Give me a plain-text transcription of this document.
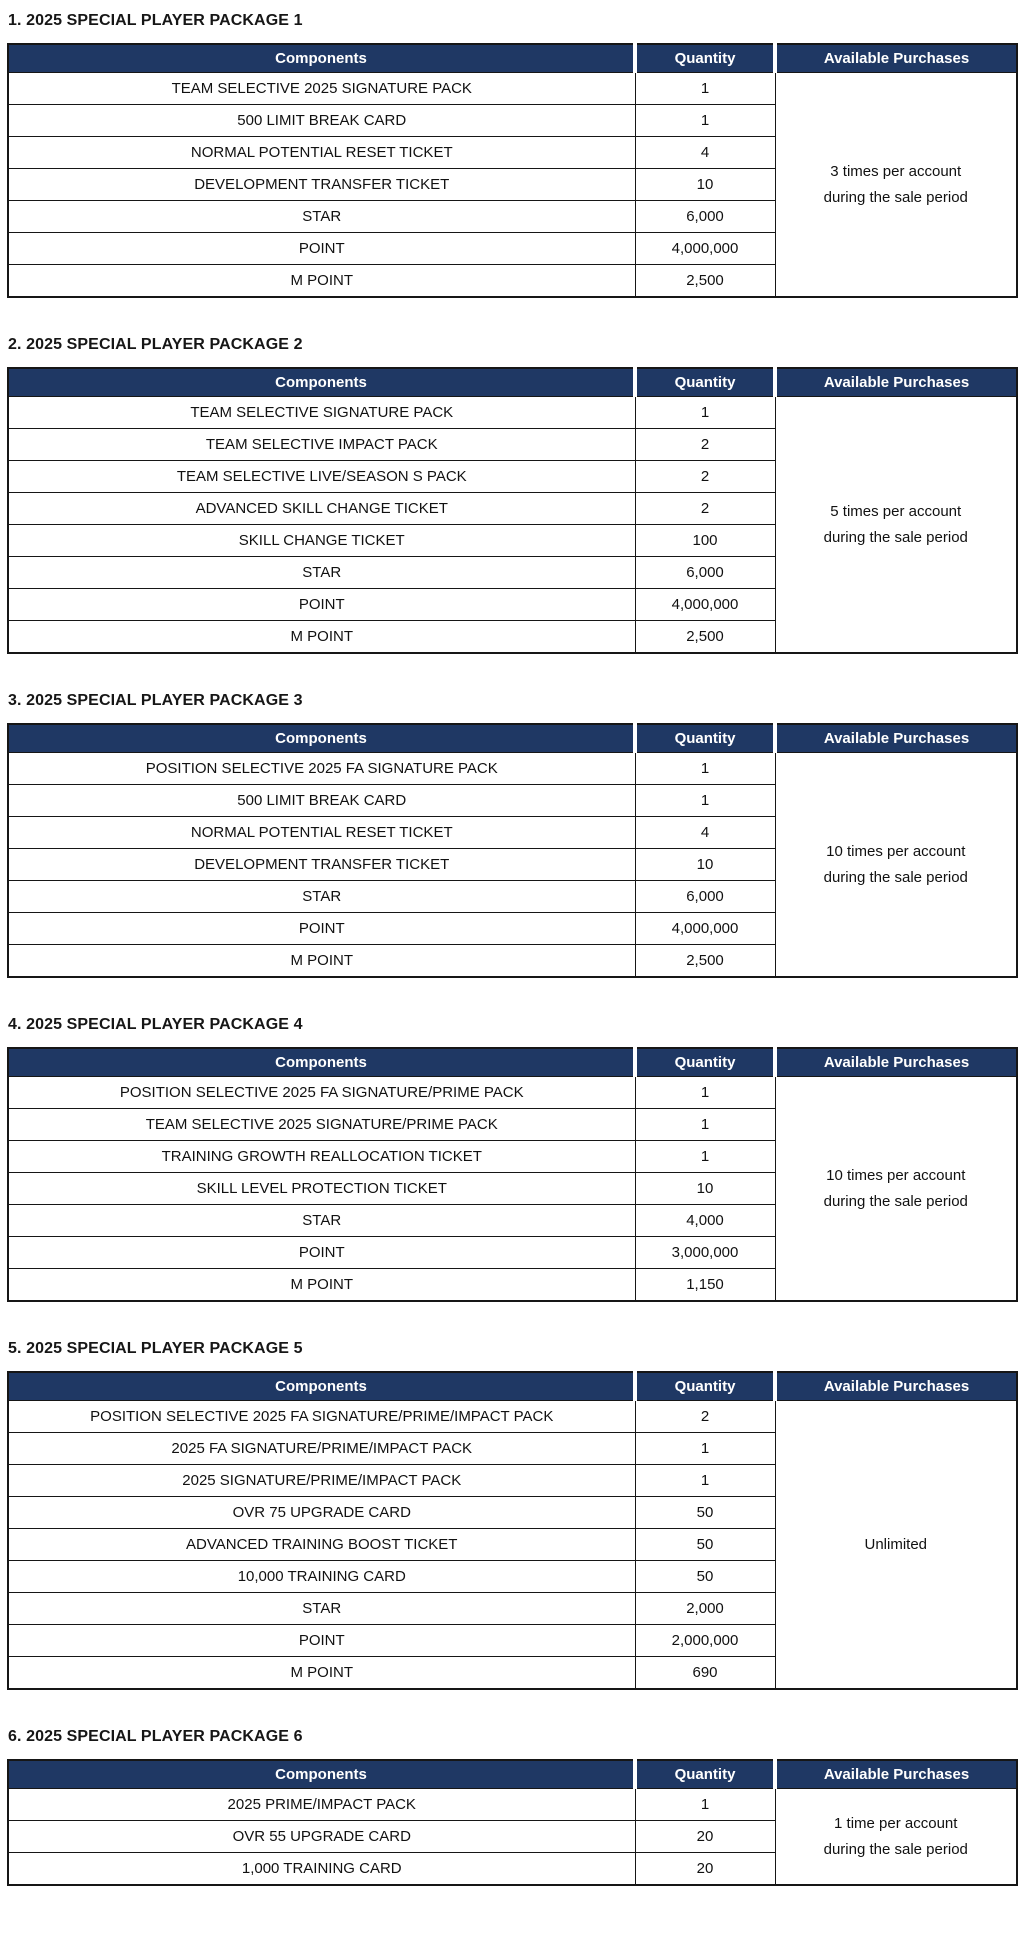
1. 2025 SPECIAL PLAYER PACKAGE 1
Components	Quantity	Available Purchases
TEAM SELECTIVE 2025 SIGNATURE PACK	1	3 times per account
during the sale period

500 LIMIT BREAK CARD	1	
NORMAL POTENTIAL RESET TICKET	4	
DEVELOPMENT TRANSFER TICKET	10	
STAR	6,000	
POINT	4,000,000	
M POINT	2,500	
2. 2025 SPECIAL PLAYER PACKAGE 2
Components	Quantity	Available Purchases
TEAM SELECTIVE SIGNATURE PACK	1	5 times per account
during the sale period

TEAM SELECTIVE IMPACT PACK	2	
TEAM SELECTIVE LIVE/SEASON S PACK	2	
ADVANCED SKILL CHANGE TICKET	2	
SKILL CHANGE TICKET	100	
STAR	6,000	
POINT	4,000,000	
M POINT	2,500	
3. 2025 SPECIAL PLAYER PACKAGE 3
Components	Quantity	Available Purchases
POSITION SELECTIVE 2025 FA SIGNATURE PACK	1	10 times per account
during the sale period

500 LIMIT BREAK CARD	1	
NORMAL POTENTIAL RESET TICKET	4	
DEVELOPMENT TRANSFER TICKET	10	
STAR	6,000	
POINT	4,000,000	
M POINT	2,500	
4. 2025 SPECIAL PLAYER PACKAGE 4
Components	Quantity	Available Purchases
POSITION SELECTIVE 2025 FA SIGNATURE/PRIME PACK	1	10 times per account
during the sale period

TEAM SELECTIVE 2025 SIGNATURE/PRIME PACK	1	
TRAINING GROWTH REALLOCATION TICKET	1	
SKILL LEVEL PROTECTION TICKET	10	
STAR	4,000	
POINT	3,000,000	
M POINT	1,150	
5. 2025 SPECIAL PLAYER PACKAGE 5
Components	Quantity	Available Purchases
POSITION SELECTIVE 2025 FA SIGNATURE/PRIME/IMPACT PACK	2	Unlimited

2025 FA SIGNATURE/PRIME/IMPACT PACK	1	
2025 SIGNATURE/PRIME/IMPACT PACK	1	
OVR 75 UPGRADE CARD	50	
ADVANCED TRAINING BOOST TICKET	50	
10,000 TRAINING CARD	50	
STAR	2,000	
POINT	2,000,000	
M POINT	690	
6. 2025 SPECIAL PLAYER PACKAGE 6
Components	Quantity	Available Purchases
2025 PRIME/IMPACT PACK	1	1 time per account
during the sale period

OVR 55 UPGRADE CARD	20	
1,000 TRAINING CARD	20	
